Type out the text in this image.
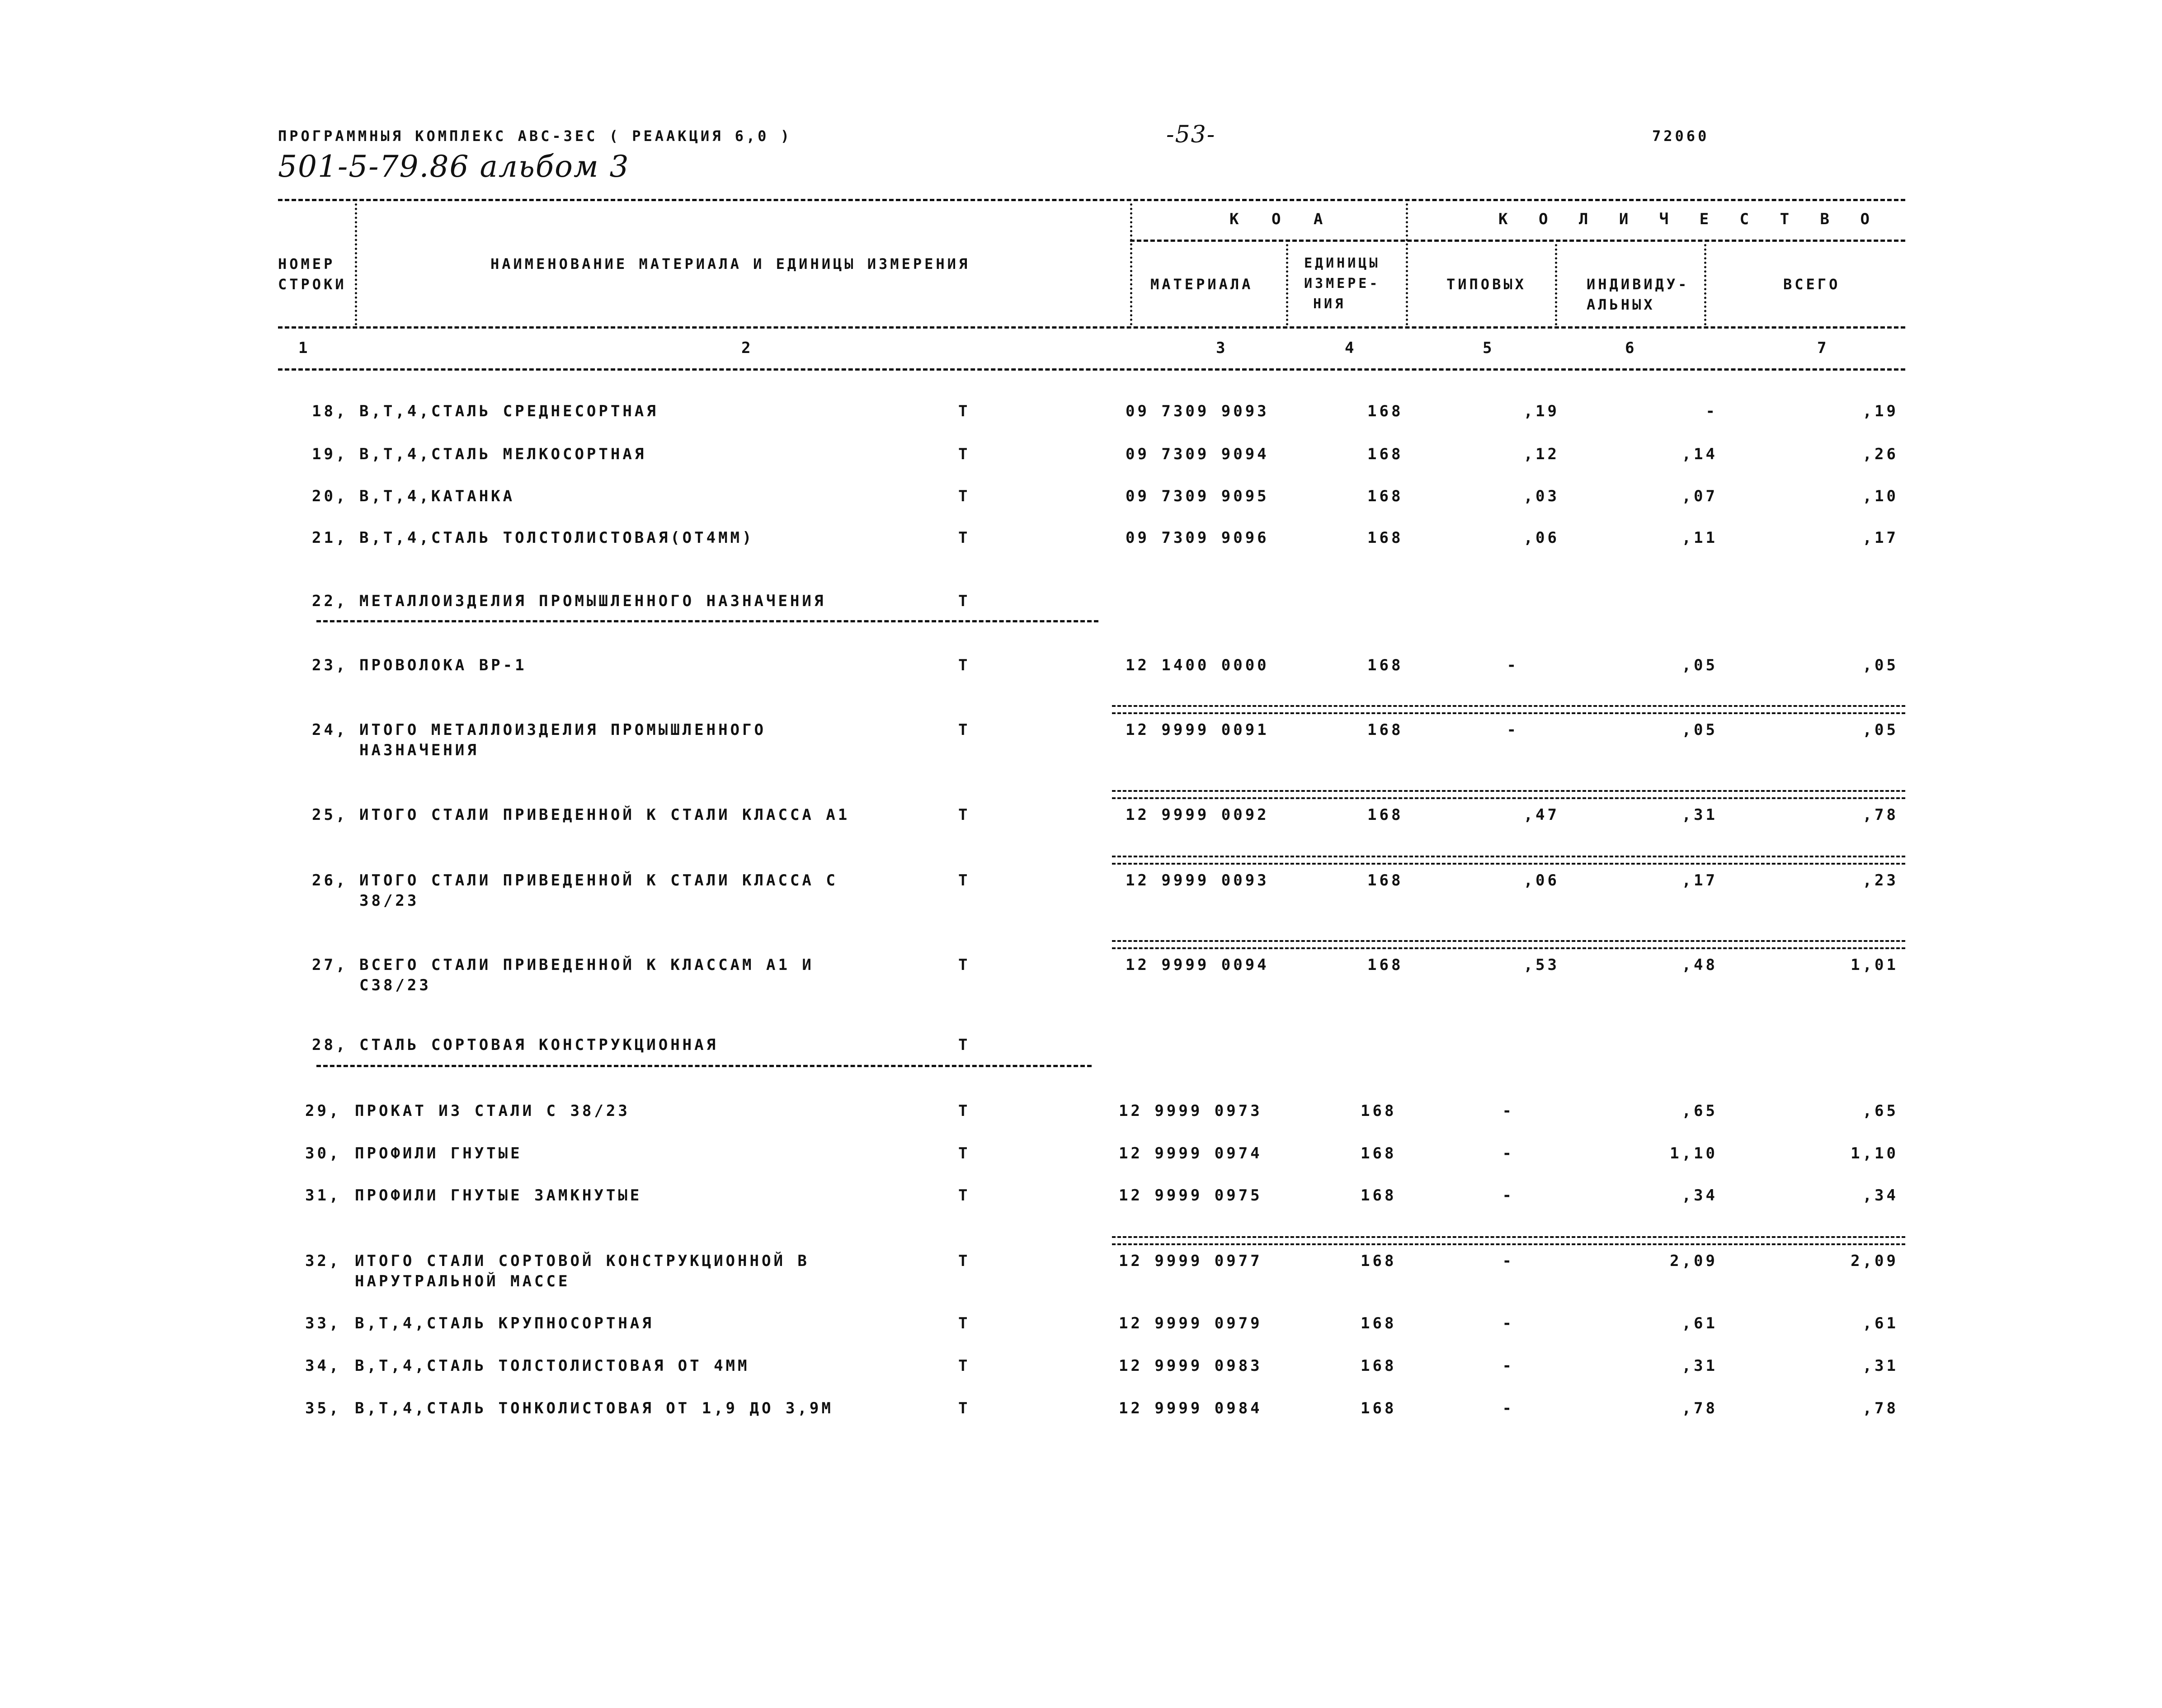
ПРОГРАММНЫЯ КОМПЛЕКС АВС-ЗЕС ( РЕААКЦИЯ 6,0 )	-53-	72060
501-5-79.86 альбом 3
НОМЕР
СТРОКИ
НАИМЕНОВАНИЕ МАТЕРИАЛА И ЕДИНИЦЫ ИЗМЕРЕНИЯ
К О А	К О Л И Ч Е С Т В О
МАТЕРИАЛА
ЕДИНИЦЫ
ИЗМЕРЕ-
НИЯ
ТИПОВЫХ	ИНДИВИДУ-
АЛЬНЫХ
ВСЕГО
1	2	3	4	5	6	7
18, В,Т,4,СТАЛЬ СРЕДНЕСОРТНАЯ	Т	09 7309 9093	168	,19	-	,19
19, В,Т,4,СТАЛЬ МЕЛКОСОРТНАЯ	Т	09 7309 9094	168	,12	,14	,26
20, В,Т,4,КАТАНКА	Т	09 7309 9095	168	,03	,07	,10
21, В,Т,4,СТАЛЬ ТОЛСТОЛИСТОВАЯ(ОТ4ММ)	Т	09 7309 9096	168	,06	,11	,17
22, МЕТАЛЛОИЗДЕЛИЯ ПРОМЫШЛЕННОГО НАЗНАЧЕНИЯ	Т
23, ПРОВОЛОКА ВР-1	Т	12 1400 0000	168	-	,05	,05
24, ИТОГО МЕТАЛЛОИЗДЕЛИЯ ПРОМЫШЛЕННОГО
НАЗНАЧЕНИЯ
Т	12 9999 0091	168	-	,05	,05
25, ИТОГО СТАЛИ ПРИВЕДЕННОЙ К СТАЛИ КЛАССА А1	Т	12 9999 0092	168	,47	,31	,78
26, ИТОГО СТАЛИ ПРИВЕДЕННОЙ К СТАЛИ КЛАССА С
38/23
Т	12 9999 0093	168	,06	,17	,23
27, ВСЕГО СТАЛИ ПРИВЕДЕННОЙ К КЛАССАМ А1 И
С38/23
Т	12 9999 0094	168	,53	,48	1,01
28, СТАЛЬ СОРТОВАЯ КОНСТРУКЦИОННАЯ	Т
29, ПРОКАТ ИЗ СТАЛИ С 38/23	Т	12 9999 0973	168	-	,65	,65
30, ПРОФИЛИ ГНУТЫЕ	Т	12 9999 0974	168	-	1,10	1,10
31, ПРОФИЛИ ГНУТЫЕ ЗАМКНУТЫЕ	Т	12 9999 0975	168	-	,34	,34
32, ИТОГО СТАЛИ СОРТОВОЙ КОНСТРУКЦИОННОЙ В
НАРУТРАЛЬНОЙ МАССЕ
Т	12 9999 0977	168	-	2,09	2,09
33, В,Т,4,СТАЛЬ КРУПНОСОРТНАЯ	Т	12 9999 0979	168	-	,61	,61
34, В,Т,4,СТАЛЬ ТОЛСТОЛИСТОВАЯ ОТ 4ММ	Т	12 9999 0983	168	-	,31	,31
35, В,Т,4,СТАЛЬ ТОНКОЛИСТОВАЯ ОТ 1,9 ДО 3,9М	Т	12 9999 0984	168	-	,78	,78
